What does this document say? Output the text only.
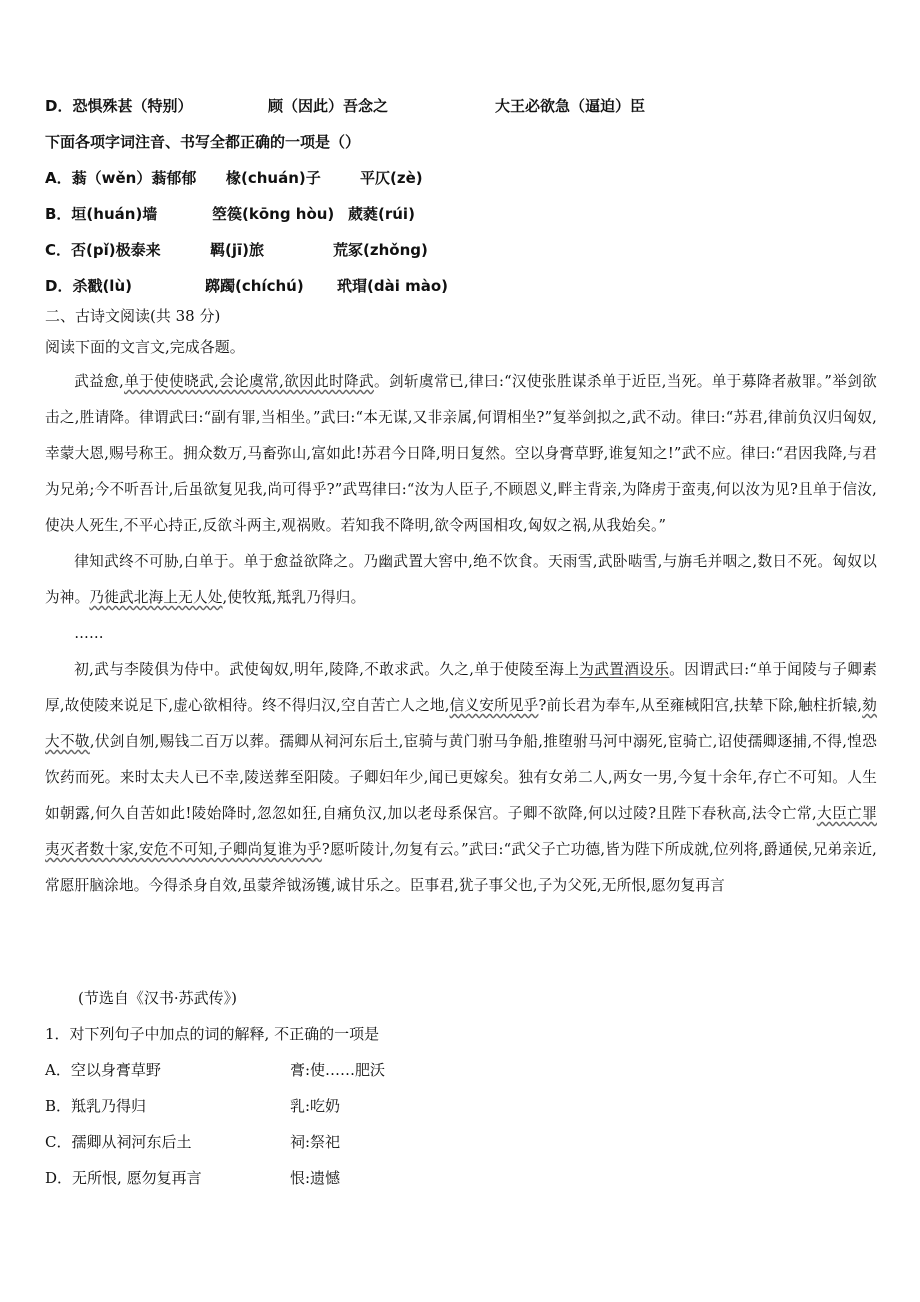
D．恐惧殊甚（特别）	顾（因此）吾念之	大王必欲急（逼迫）臣
下面各项字词注音、书写全都正确的一项是（）
A．蓊（wěn）蓊郁郁 椽(chuán)子	平仄(zè)
B．垣(huán)墙	箜篌(kōng hòu) 葳蕤(rúi)
C．否(pǐ)极泰来	羁(jī)旅	荒冢(zhǒng)
D．杀戳(lù)	踯躅(chíchú) 玳瑁(dài mào)
二、古诗文阅读(共 38 分)
阅读下面的文言文,完成各题。

武益愈,单于使使晓武,会论虞常,欲因此时降武。剑斩虞常已,律曰:“汉使张胜谋杀单于近臣,当死。单于募降者赦罪。”举剑欲击之,胜请降。律谓武曰:“副有罪,当相坐。”武曰:“本无谋,又非亲属,何谓相坐?”复举剑拟之,武不动。律曰:“苏君,律前负汉归匈奴,幸蒙大恩,赐号称王。拥众数万,马畜弥山,富如此!苏君今日降,明日复然。空以身膏草野,谁复知之!”武不应。律曰:“君因我降,与君为兄弟;今不听吾计,后虽欲复见我,尚可得乎?”武骂律曰:“汝为人臣子,不顾恩义,畔主背亲,为降虏于蛮夷,何以汝为见?且单于信汝,使决人死生,不平心持正,反欲斗两主,观祸败。若知我不降明,欲令两国相攻,匈奴之祸,从我始矣。”

律知武终不可胁,白单于。单于愈益欲降之。乃幽武置大窖中,绝不饮食。天雨雪,武卧啮雪,与旃毛并咽之,数日不死。匈奴以为神。乃徙武北海上无人处,使牧羝,羝乳乃得归。

……

初,武与李陵俱为侍中。武使匈奴,明年,陵降,不敢求武。久之,单于使陵至海上为武置酒设乐。因谓武曰:“单于闻陵与子卿素厚,故使陵来说足下,虚心欲相待。终不得归汉,空自苦亡人之地,信义安所见乎?前长君为奉车,从至雍棫阳宫,扶辇下除,触柱折辕,劾大不敬,伏剑自刎,赐钱二百万以葬。孺卿从祠河东后土,宦骑与黄门驸马争船,推堕驸马河中溺死,宦骑亡,诏使孺卿逐捕,不得,惶恐饮药而死。来时太夫人已不幸,陵送葬至阳陵。子卿妇年少,闻已更嫁矣。独有女弟二人,两女一男,今复十余年,存亡不可知。人生如朝露,何久自苦如此!陵始降时,忽忽如狂,自痛负汉,加以老母系保宫。子卿不欲降,何以过陵?且陛下春秋高,法令亡常,大臣亡罪夷灭者数十家,安危不可知,子卿尚复谁为乎?愿听陵计,勿复有云。”武曰:“武父子亡功德,皆为陛下所成就,位列将,爵通侯,兄弟亲近,常愿肝脑涂地。今得杀身自效,虽蒙斧钺汤镬,诚甘乐之。臣事君,犹子事父也,子为父死,无所恨,愿勿复再言

(节选自《汉书·苏武传》)
1．对下列句子中加点的词的解释, 不正确的一项是
A．空以身膏草野	膏:使……肥沃
B．羝乳乃得归	乳:吃奶
C．孺卿从祠河东后土	祠:祭祀
D．无所恨, 愿勿复再言	恨:遗憾
